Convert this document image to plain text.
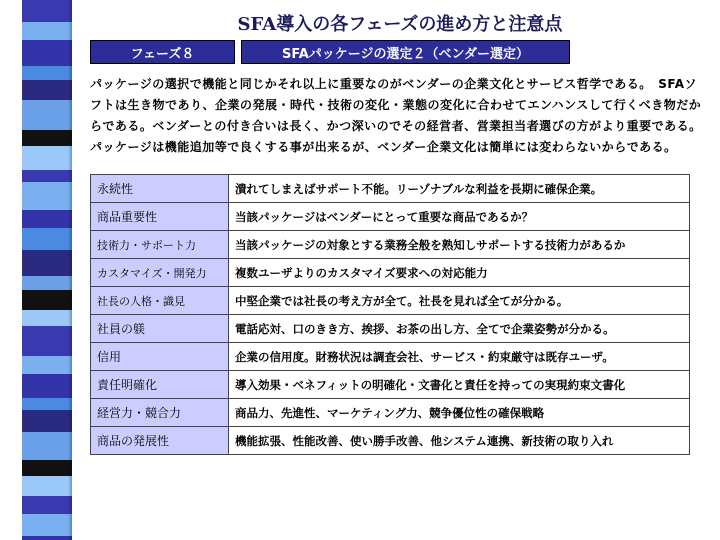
SFA導入の各フェーズの進め方と注意点
フェーズ８	SFAパッケージの選定２（ベンダー選定）
パッケージの選択で機能と同じかそれ以上に重要なのがベンダーの企業文化とサービス哲学である。　SFAソフトは生き物であり、企業の発展・時代・技術の変化・業態の変化に合わせてエンハンスして行くべき物だからである。ベンダーとの付き合いは長く、かつ深いのでその経営者、営業担当者選びの方がより重要である。パッケージは機能追加等で良くする事が出来るが、ベンダー企業文化は簡単には変わらないからである。
永続性	潰れてしまえばサポート不能。リーゾナブルな利益を長期に確保企業。
商品重要性	当該パッケージはベンダーにとって重要な商品であるか？
技術力・サポート力	当該パッケージの対象とする業務全般を熟知しサポートする技術力があるか
カスタマイズ・開発力	複数ユーザよりのカスタマイズ要求への対応能力
社長の人格・識見	中堅企業では社長の考え方が全て。社長を見れば全てが分かる。
社員の躾	電話応対、口のきき方、挨拶、お茶の出し方、全てで企業姿勢が分かる。
信用	企業の信用度。財務状況は調査会社、サービス・約束厳守は既存ユーザ。
責任明確化	導入効果・ベネフィットの明確化・文書化と責任を持っての実現約束文書化
経営力・競合力	商品力、先進性、マーケティング力、競争優位性の確保戦略
商品の発展性	機能拡張、性能改善、使い勝手改善、他システム連携、新技術の取り入れ
